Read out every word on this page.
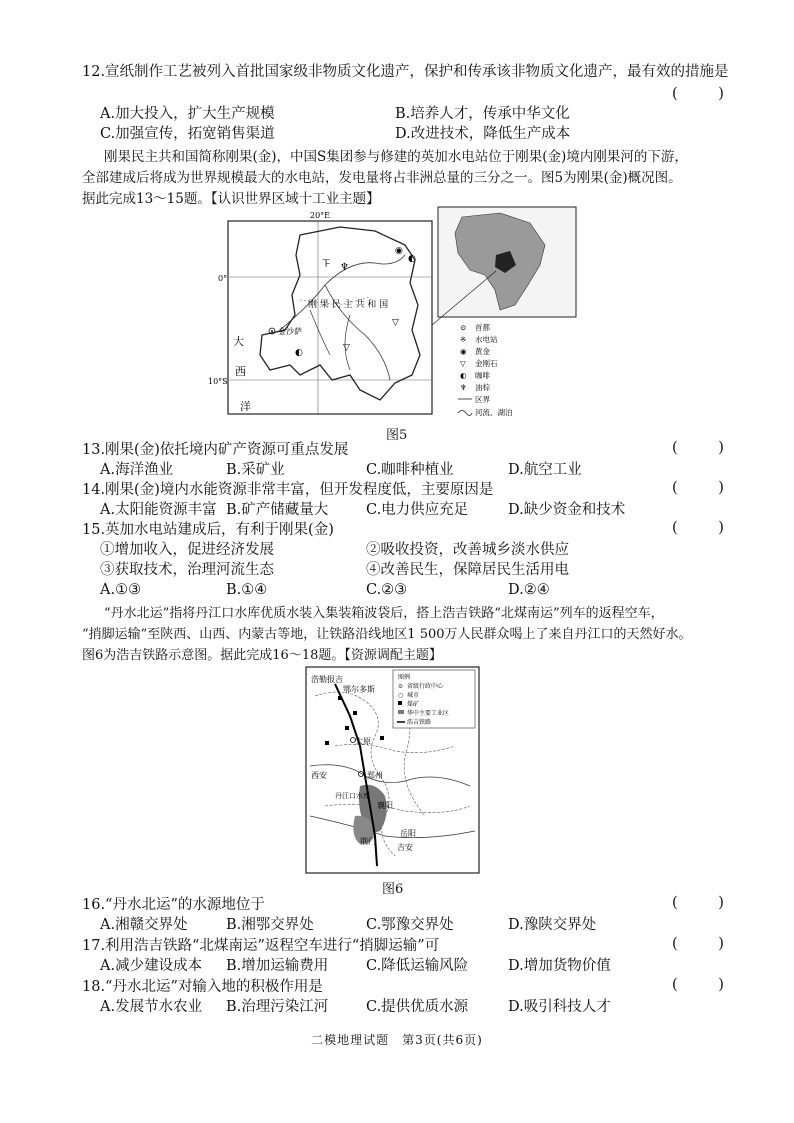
12.宣纸制作工艺被列入首批国家级非物质文化遗产，保护和传承该非物质文化遗产，最有效的措施是
( )
A.加大投入，扩大生产规模	B.培养人才，传承中华文化
C.加强宣传，拓宽销售渠道	D.改进技术，降低生产成本
刚果民主共和国简称刚果(金)，中国S集团参与修建的英加水电站位于刚果(金)境内刚果河的下游，
全部建成后将成为世界规模最大的水电站，发电量将占非洲总量的三分之一。图5为刚果(金)概况图。
据此完成13～15题。【认识世界区域十工业主题】
20°E
0°
10°S
刚 果 民 主 共 和 国
金沙萨
大
西
洋
𝍴
◉
◐
▽
▽
◐
♆
⊙ 首都
※ 水电站
◉ 黄金
▽ 金刚石
◐ 咖啡
♆ 油棕
区界
河流、湖泊
图5
13.刚果(金)依托境内矿产资源可重点发展	( )
A.海洋渔业	B.采矿业	C.咖啡种植业	D.航空工业
14.刚果(金)境内水能资源非常丰富，但开发程度低，主要原因是	( )
A.太阳能资源丰富 B.矿产储藏量大	C.电力供应充足	D.缺少资金和技术
15.英加水电站建成后，有利于刚果(金)	( )
①增加收入，促进经济发展	②吸收投资，改善城乡淡水供应
③获取技术，治理河流生态	④改善民生，保障居民生活用电
A.①③	B.①④	C.②③	D.②④
“丹水北运”指将丹江口水库优质水装入集装箱波袋后，搭上浩吉铁路“北煤南运”列车的返程空车，
“捎脚运输”至陕西、山西、内蒙古等地，让铁路沿线地区1 500万人民群众喝上了来自丹江口的天然好水。
图6为浩吉铁路示意图。据此完成16～18题。【资源调配主题】
浩勒报吉
鄂尔多斯
太原
西安	郑州
丹江口水库
襄阳
荆门
岳阳
吉安
图例
⊙ 省级行政中心
○ 城市
煤矿
华中主要工业区
浩吉铁路
图6
16.“丹水北运”的水源地位于	( )
A.湘赣交界处	B.湘鄂交界处	C.鄂豫交界处	D.豫陕交界处
17.利用浩吉铁路“北煤南运”返程空车进行“捎脚运输”可	( )
A.减少建设成本 B.增加运输费用	C.降低运输风险	D.增加货物价值
18.“丹水北运”对输入地的积极作用是	( )
A.发展节水农业 B.治理污染江河	C.提供优质水源	D.吸引科技人才
二模地理试题　第3页(共6页)
